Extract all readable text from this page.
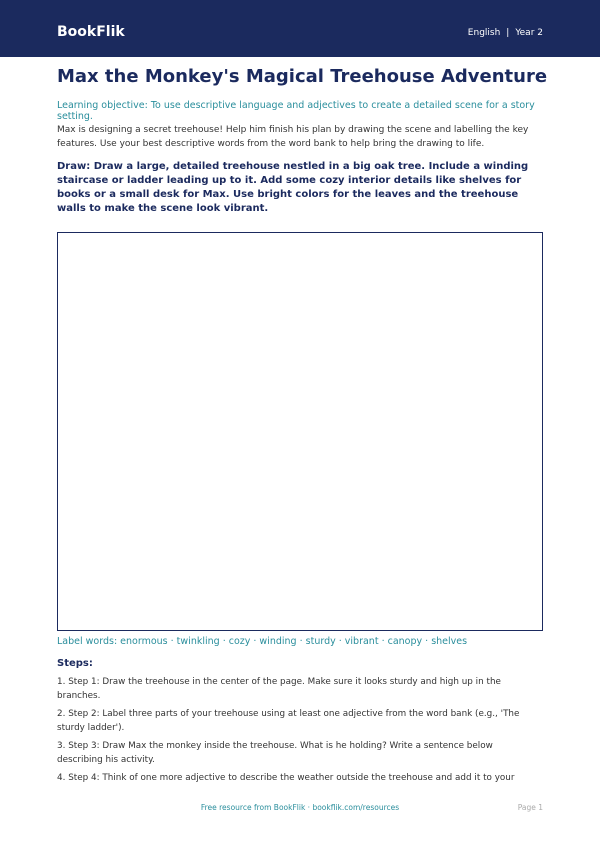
BookFlik	English | Year 2
Max the Monkey's Magical Treehouse Adventure
Learning objective: To use descriptive language and adjectives to create a detailed scene for a story setting.
Max is designing a secret treehouse! Help him finish his plan by drawing the scene and labelling the key features. Use your best descriptive words from the word bank to help bring the drawing to life.
Draw: Draw a large, detailed treehouse nestled in a big oak tree. Include a winding staircase or ladder leading up to it. Add some cozy interior details like shelves for books or a small desk for Max. Use bright colors for the leaves and the treehouse walls to make the scene look vibrant.
Label words: enormous · twinkling · cozy · winding · sturdy · vibrant · canopy · shelves
Steps:
1. Step 1: Draw the treehouse in the center of the page. Make sure it looks sturdy and high up in the branches.
2. Step 2: Label three parts of your treehouse using at least one adjective from the word bank (e.g., 'The sturdy ladder').
3. Step 3: Draw Max the monkey inside the treehouse. What is he holding? Write a sentence below describing his activity.
4. Step 4: Think of one more adjective to describe the weather outside the treehouse and add it to your
Free resource from BookFlik · bookflik.com/resources	Page 1
